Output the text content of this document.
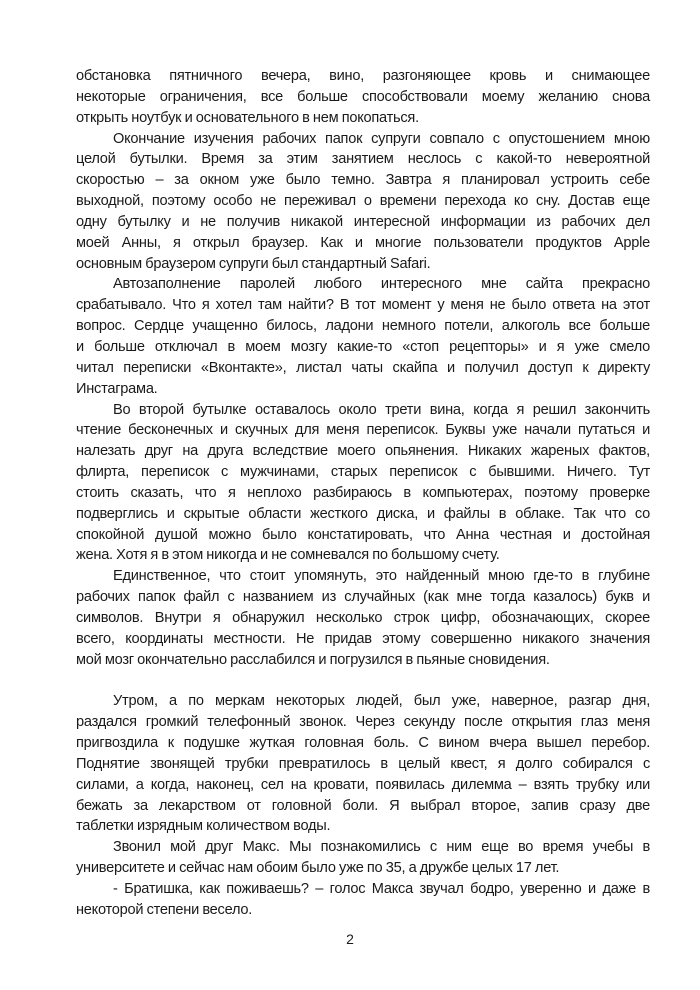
обстановка пятничного вечера, вино, разгоняющее кровь и снимающее
некоторые ограничения, все больше способствовали моему желанию снова
открыть ноутбук и основательного в нем покопаться.

Окончание изучения рабочих папок супруги совпало с опустошением мною
целой бутылки. Время за этим занятием неслось с какой-то невероятной
скоростью – за окном уже было темно. Завтра я планировал устроить себе
выходной, поэтому особо не переживал о времени перехода ко сну. Достав еще
одну бутылку и не получив никакой интересной информации из рабочих дел
моей Анны, я открыл браузер. Как и многие пользователи продуктов Apple
основным браузером супруги был стандартный Safari.

Автозаполнение паролей любого интересного мне сайта прекрасно
срабатывало. Что я хотел там найти? В тот момент у меня не было ответа на этот
вопрос. Сердце учащенно билось, ладони немного потели, алкоголь все больше
и больше отключал в моем мозгу какие-то «стоп рецепторы» и я уже смело
читал переписки «Вконтакте», листал чаты скайпа и получил доступ к директу
Инстаграма.

Во второй бутылке оставалось около трети вина, когда я решил закончить
чтение бесконечных и скучных для меня переписок. Буквы уже начали путаться и
налезать друг на друга вследствие моего опьянения. Никаких жареных фактов,
флирта, переписок с мужчинами, старых переписок с бывшими. Ничего. Тут
стоить сказать, что я неплохо разбираюсь в компьютерах, поэтому проверке
подверглись и скрытые области жесткого диска, и файлы в облаке. Так что со
спокойной душой можно было констатировать, что Анна честная и достойная
жена. Хотя я в этом никогда и не сомневался по большому счету.

Единственное, что стоит упомянуть, это найденный мною где-то в глубине
рабочих папок файл с названием из случайных (как мне тогда казалось) букв и
символов. Внутри я обнаружил несколько строк цифр, обозначающих, скорее
всего, координаты местности. Не придав этому совершенно никакого значения
мой мозг окончательно расслабился и погрузился в пьяные сновидения.

Утром, а по меркам некоторых людей, был уже, наверное, разгар дня,
раздался громкий телефонный звонок. Через секунду после открытия глаз меня
пригвоздила к подушке жуткая головная боль. С вином вчера вышел перебор.
Поднятие звонящей трубки превратилось в целый квест, я долго собирался с
силами, а когда, наконец, сел на кровати, появилась дилемма – взять трубку или
бежать за лекарством от головной боли. Я выбрал второе, запив сразу две
таблетки изрядным количеством воды.

Звонил мой друг Макс. Мы познакомились с ним еще во время учебы в
университете и сейчас нам обоим было уже по 35, а дружбе целых 17 лет.

- Братишка, как поживаешь? – голос Макса звучал бодро, уверенно и даже в
некоторой степени весело.

2
